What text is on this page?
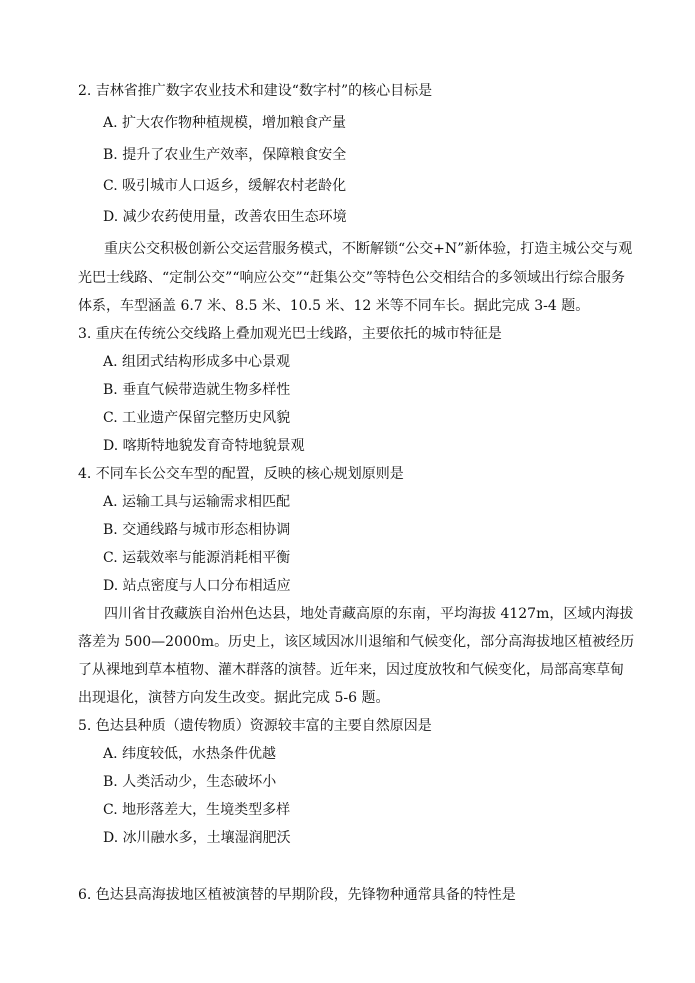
2. 吉林省推广数字农业技术和建设“数字村”的核心目标是
A. 扩大农作物种植规模，增加粮食产量
B. 提升了农业生产效率，保障粮食安全
C. 吸引城市人口返乡，缓解农村老龄化
D. 减少农药使用量，改善农田生态环境
重庆公交积极创新公交运营服务模式，不断解锁“公交+N”新体验，打造主城公交与观
光巴士线路、“定制公交”“响应公交”“赶集公交”等特色公交相结合的多领域出行综合服务
体系，车型涵盖 6.7 米、8.5 米、10.5 米、12 米等不同车长。据此完成 3-4 题。
3. 重庆在传统公交线路上叠加观光巴士线路，主要依托的城市特征是
A. 组团式结构形成多中心景观
B. 垂直气候带造就生物多样性
C. 工业遗产保留完整历史风貌
D. 喀斯特地貌发育奇特地貌景观
4. 不同车长公交车型的配置，反映的核心规划原则是
A. 运输工具与运输需求相匹配
B. 交通线路与城市形态相协调
C. 运载效率与能源消耗相平衡
D. 站点密度与人口分布相适应
四川省甘孜藏族自治州色达县，地处青藏高原的东南，平均海拔 4127m，区域内海拔
落差为 500—2000m。历史上，该区域因冰川退缩和气候变化，部分高海拔地区植被经历
了从裸地到草本植物、灌木群落的演替。近年来，因过度放牧和气候变化，局部高寒草甸
出现退化，演替方向发生改变。据此完成 5-6 题。
5. 色达县种质（遗传物质）资源较丰富的主要自然原因是
A. 纬度较低，水热条件优越
B. 人类活动少，生态破坏小
C. 地形落差大，生境类型多样
D. 冰川融水多，土壤湿润肥沃
6. 色达县高海拔地区植被演替的早期阶段，先锋物种通常具备的特性是
